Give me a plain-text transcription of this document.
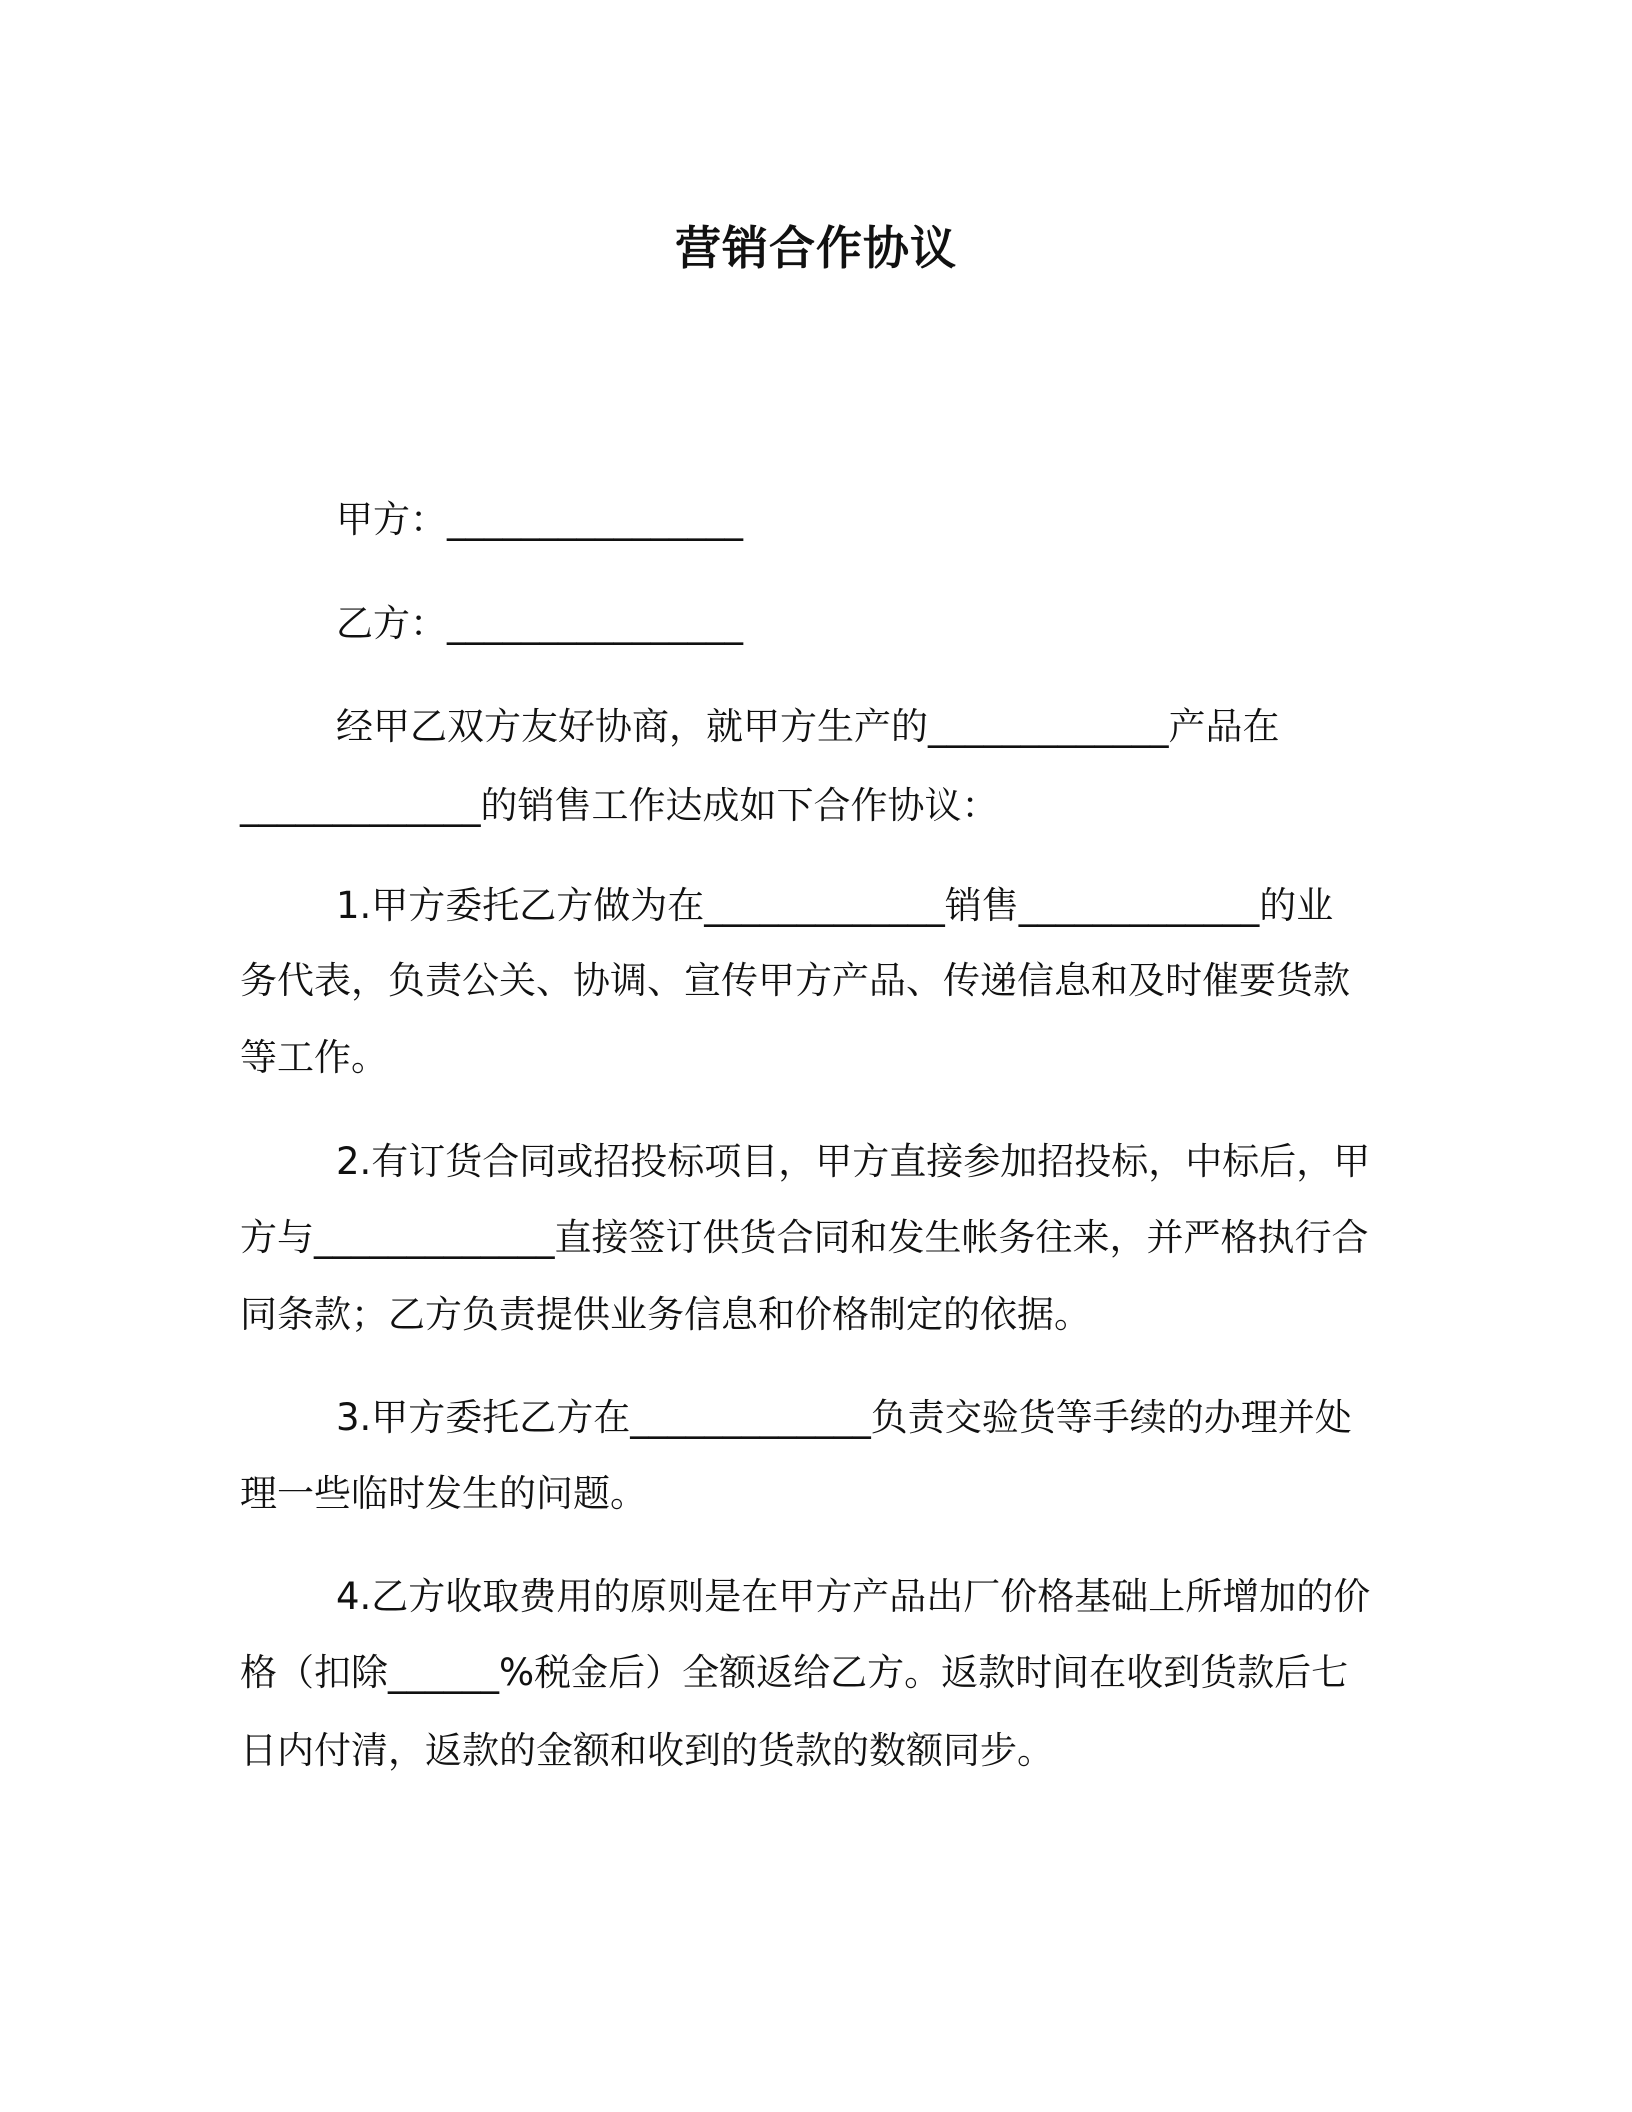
营销合作协议
甲方：________________
乙方：________________
经甲乙双方友好协商，就甲方生产的_____________产品在
_____________的销售工作达成如下合作协议：
1.甲方委托乙方做为在_____________销售_____________的业
务代表，负责公关、协调、宣传甲方产品、传递信息和及时催要货款
等工作。
2.有订货合同或招投标项目，甲方直接参加招投标，中标后，甲
方与_____________直接签订供货合同和发生帐务往来，并严格执行合
同条款；乙方负责提供业务信息和价格制定的依据。
3.甲方委托乙方在_____________负责交验货等手续的办理并处
理一些临时发生的问题。
4.乙方收取费用的原则是在甲方产品出厂价格基础上所增加的价
格（扣除______%税金后）全额返给乙方。返款时间在收到货款后七
日内付清，返款的金额和收到的货款的数额同步。
